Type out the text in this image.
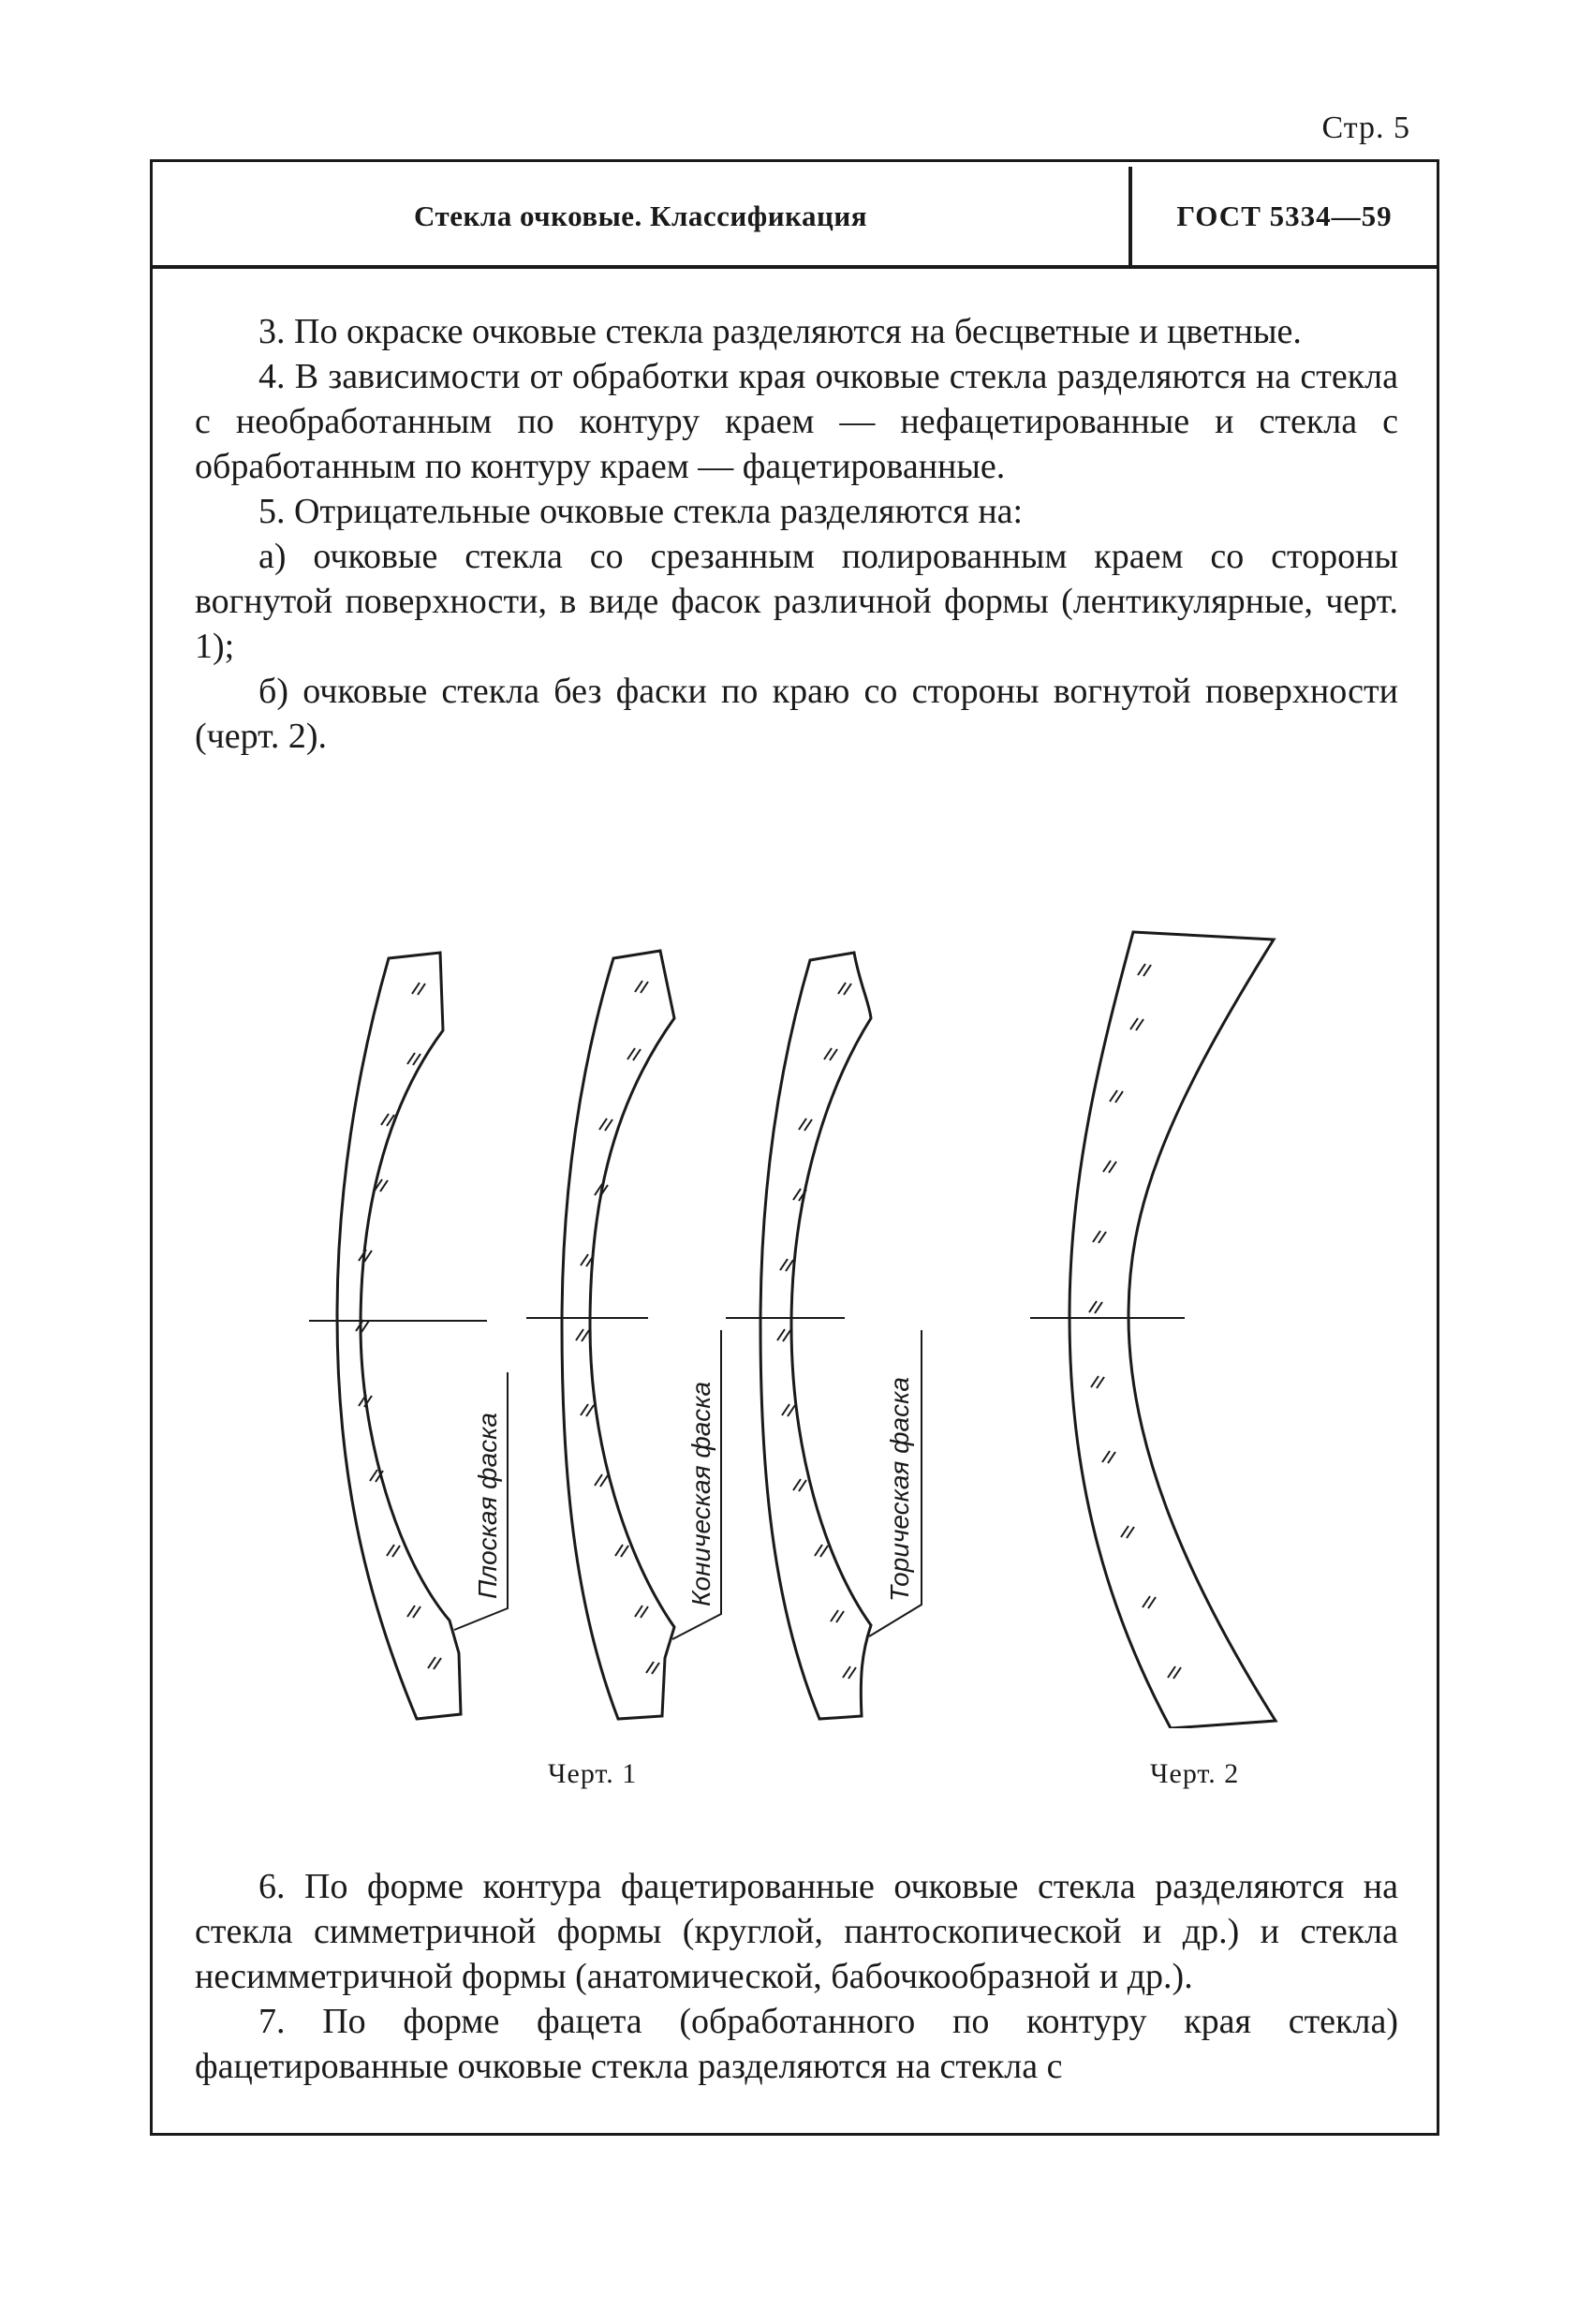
Стр. 5
Стекла очковые. Классификация	ГОСТ 5334—59

3. По окраске очковые стекла разделяются на бесцветные и цветные.

4. В зависимости от обработки края очковые стекла разделяются на стекла с необработанным по контуру краем — нефацетированные и стекла с обработанным по контуру краем — фацетированные.

5. Отрицательные очковые стекла разделяются на:

а) очковые стекла со срезанным полированным краем со стороны вогнутой поверхности, в виде фасок различной формы (лентикулярные, черт. 1);

б) очковые стекла без фаски по краю со стороны вогнутой поверхности (черт. 2).

Плоская фаска	Коническая фаска	Торическая фаска
Черт. 1	Черт. 2

6. По форме контура фацетированные очковые стекла разделяются на стекла симметричной формы (круглой, пантоскопической и др.) и стекла несимметричной формы (анатомической, бабочкообразной и др.).

7. По форме фацета (обработанного по контуру края стекла) фацетированные очковые стекла разделяются на стекла с
